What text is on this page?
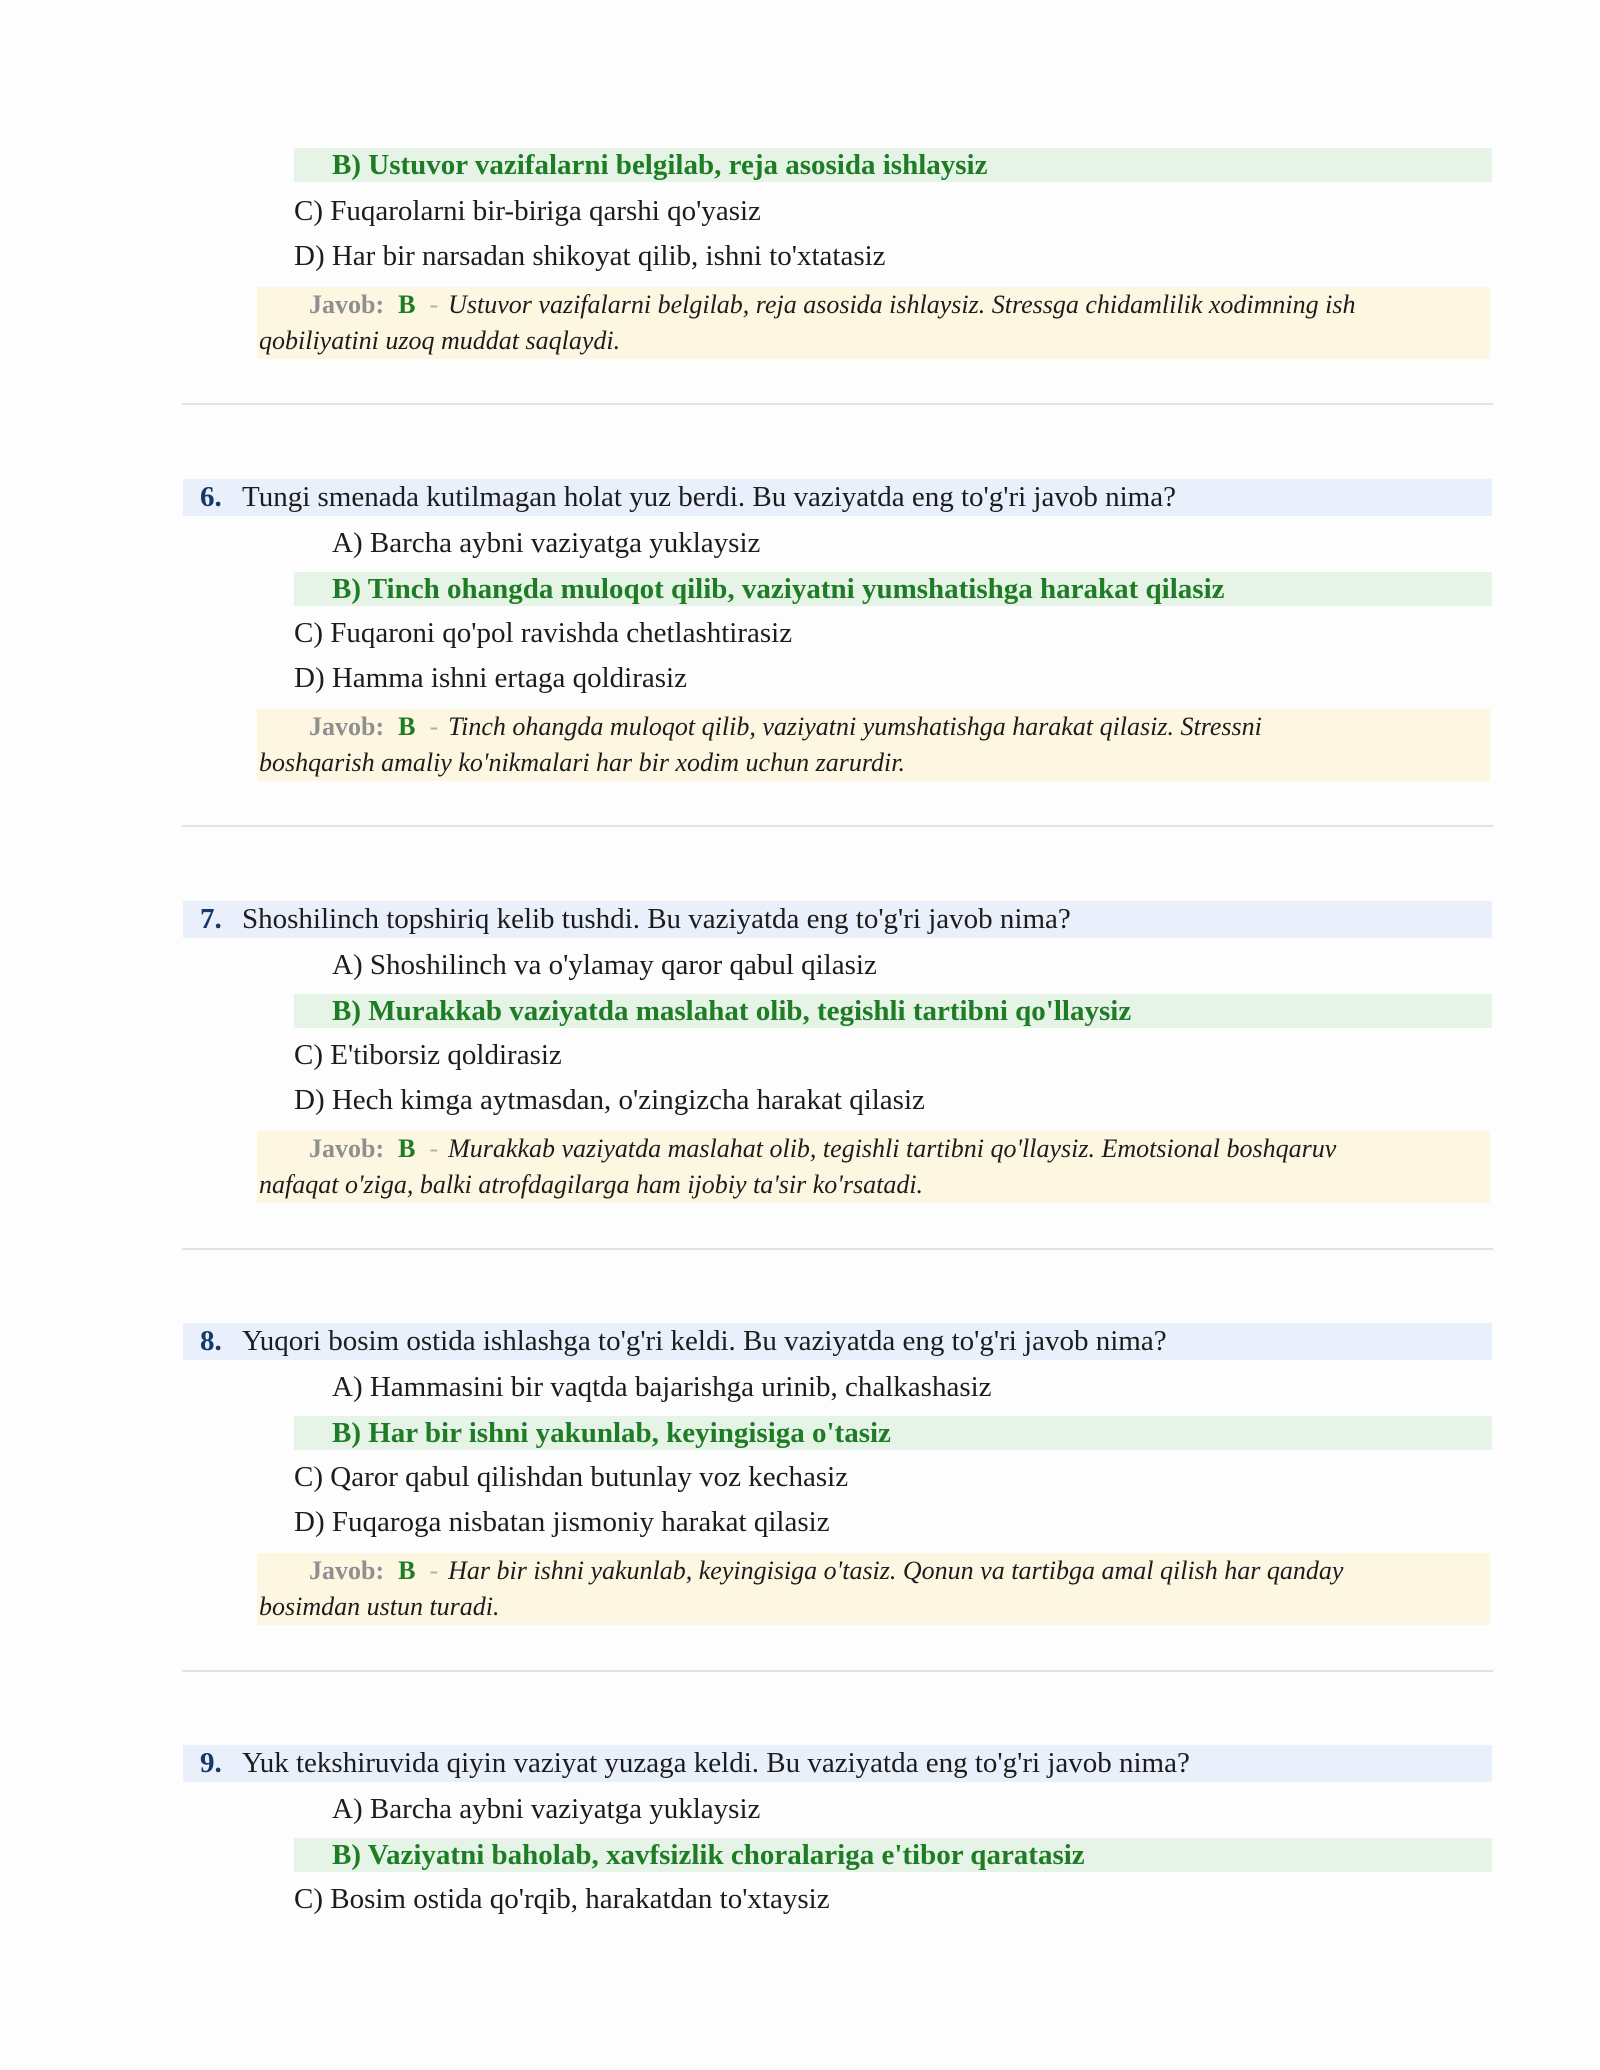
B) Ustuvor vazifalarni belgilab, reja asosida ishlaysiz
C) Fuqarolarni bir-biriga qarshi qo'yasiz
D) Har bir narsadan shikoyat qilib, ishni to'xtatasiz
Javob: B - Ustuvor vazifalarni belgilab, reja asosida ishlaysiz. Stressga chidamlilik xodimning ish
qobiliyatini uzoq muddat saqlaydi.
6. Tungi smenada kutilmagan holat yuz berdi. Bu vaziyatda eng to'g'ri javob nima?
A) Barcha aybni vaziyatga yuklaysiz
B) Tinch ohangda muloqot qilib, vaziyatni yumshatishga harakat qilasiz
C) Fuqaroni qo'pol ravishda chetlashtirasiz
D) Hamma ishni ertaga qoldirasiz
Javob: B - Tinch ohangda muloqot qilib, vaziyatni yumshatishga harakat qilasiz. Stressni
boshqarish amaliy ko'nikmalari har bir xodim uchun zarurdir.
7. Shoshilinch topshiriq kelib tushdi. Bu vaziyatda eng to'g'ri javob nima?
A) Shoshilinch va o'ylamay qaror qabul qilasiz
B) Murakkab vaziyatda maslahat olib, tegishli tartibni qo'llaysiz
C) E'tiborsiz qoldirasiz
D) Hech kimga aytmasdan, o'zingizcha harakat qilasiz
Javob: B - Murakkab vaziyatda maslahat olib, tegishli tartibni qo'llaysiz. Emotsional boshqaruv
nafaqat o'ziga, balki atrofdagilarga ham ijobiy ta'sir ko'rsatadi.
8. Yuqori bosim ostida ishlashga to'g'ri keldi. Bu vaziyatda eng to'g'ri javob nima?
A) Hammasini bir vaqtda bajarishga urinib, chalkashasiz
B) Har bir ishni yakunlab, keyingisiga o'tasiz
C) Qaror qabul qilishdan butunlay voz kechasiz
D) Fuqaroga nisbatan jismoniy harakat qilasiz
Javob: B - Har bir ishni yakunlab, keyingisiga o'tasiz. Qonun va tartibga amal qilish har qanday
bosimdan ustun turadi.
9. Yuk tekshiruvida qiyin vaziyat yuzaga keldi. Bu vaziyatda eng to'g'ri javob nima?
A) Barcha aybni vaziyatga yuklaysiz
B) Vaziyatni baholab, xavfsizlik choralariga e'tibor qaratasiz
C) Bosim ostida qo'rqib, harakatdan to'xtaysiz
